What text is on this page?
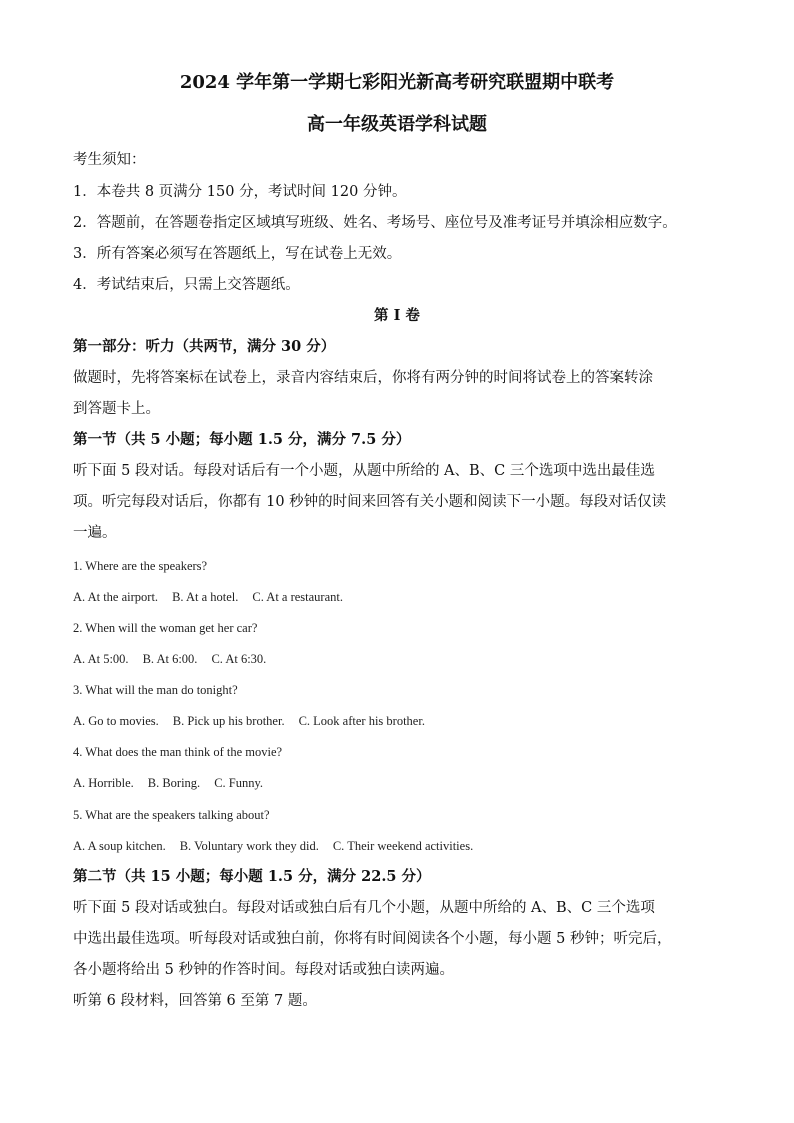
2024 学年第一学期七彩阳光新高考研究联盟期中联考
高一年级英语学科试题
考生须知：
1．本卷共 8 页满分 150 分，考试时间 120 分钟。
2．答题前，在答题卷指定区域填写班级、姓名、考场号、座位号及准考证号并填涂相应数字。
3．所有答案必须写在答题纸上，写在试卷上无效。
4．考试结束后，只需上交答题纸。
第 I 卷
第一部分：听力（共两节，满分 30 分）
做题时，先将答案标在试卷上，录音内容结束后，你将有两分钟的时间将试卷上的答案转涂
到答题卡上。
第一节（共 5 小题；每小题 1.5 分，满分 7.5 分）
听下面 5 段对话。每段对话后有一个小题，从题中所给的 A、B、C 三个选项中选出最佳选
项。听完每段对话后，你都有 10 秒钟的时间来回答有关小题和阅读下一小题。每段对话仅读
一遍。
1. Where are the speakers?
A. At the airport. B. At a hotel. C. At a restaurant.
2. When will the woman get her car?
A. At 5:00. B. At 6:00. C. At 6:30.
3. What will the man do tonight?
A. Go to movies. B. Pick up his brother. C. Look after his brother.
4. What does the man think of the movie?
A. Horrible. B. Boring. C. Funny.
5. What are the speakers talking about?
A. A soup kitchen. B. Voluntary work they did. C. Their weekend activities.
第二节（共 15 小题；每小题 1.5 分，满分 22.5 分）
听下面 5 段对话或独白。每段对话或独白后有几个小题，从题中所给的 A、B、C 三个选项
中选出最佳选项。听每段对话或独白前，你将有时间阅读各个小题，每小题 5 秒钟；听完后，
各小题将给出 5 秒钟的作答时间。每段对话或独白读两遍。
听第 6 段材料，回答第 6 至第 7 题。
